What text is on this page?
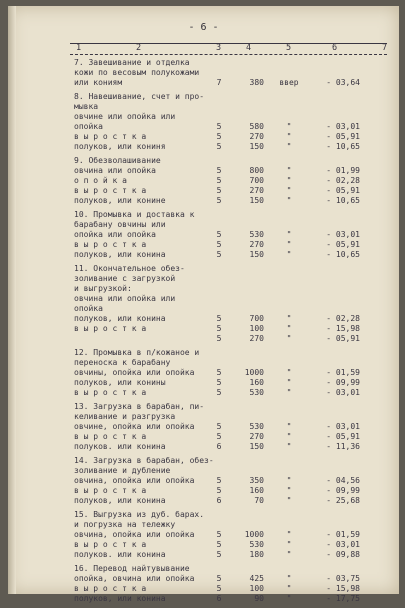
- 6 -
1	2	3	4	5	6	7
7. Завешивание и отделка
кожи по весовым полукожами
или кониям	7	380	ввер	- 03,64
8. Навешивание, счет и про-
мывка
овчине или опойка или
опойка	5	580	"	- 03,01
в ы р о с т к а	5	270	"	- 05,91
полуков, или кониня	5	150	"	- 10,65
9. Обезволашивание
овчина или опойка	5	800	"	- 01,99
о п о й к а	5	700	"	- 02,28
в ы р о с т к а	5	270	"	- 05,91
полуков, или конине	5	150	"	- 10,65
10. Промывка и доставка к
барабану овчины или
опойка или опойка	5	530	"	- 03,01
в ы р о с т к а	5	270	"	- 05,91
полуков, или конина	5	150	"	- 10,65
11. Окончательное обез-
золивание с загрузкой
и выгрузкой:
овчина или опойка или
опойка
полуков, или конина	5	700	"	- 02,28
в ы р о с т к а	5	100	"	- 15,98
5	270	"	- 05,91
12. Промывка в п/кожаное и
переноска к барабану
овчины, опойка или опойка	5	1000	"	- 01,59
полуков, или конины	5	160	"	- 09,99
в ы р о с т к а	5	530	"	- 03,01
13. Загрузка в барабан, пи-
келивание и разгрузка
овчине, опойка или опойка	5	530	"	- 03,01
в ы р о с т к а	5	270	"	- 05,91
полуков. или конина	6	150	"	- 11,36
14. Загрузка в барабан, обез-
золивание и дубление
овчина, опойка или опойка	5	350	"	- 04,56
в ы р о с т к а	5	160	"	- 09,99
полуков, или конина	6	70	"	- 25,68
15. Выгрузка из дуб. барах.
и погрузка на тележку
овчина, опойка или опойка	5	1000	"	- 01,59
в ы р о с т к а	5	530	"	- 03,01
полуков. или конина	5	180	"	- 09,88
16. Перевод найтувывание
опойка, овчина или опойка	5	425	"	- 03,75
в ы р о с т к а	5	100	"	- 15,98
полуков, или конина	6	90	"	- 17,75
